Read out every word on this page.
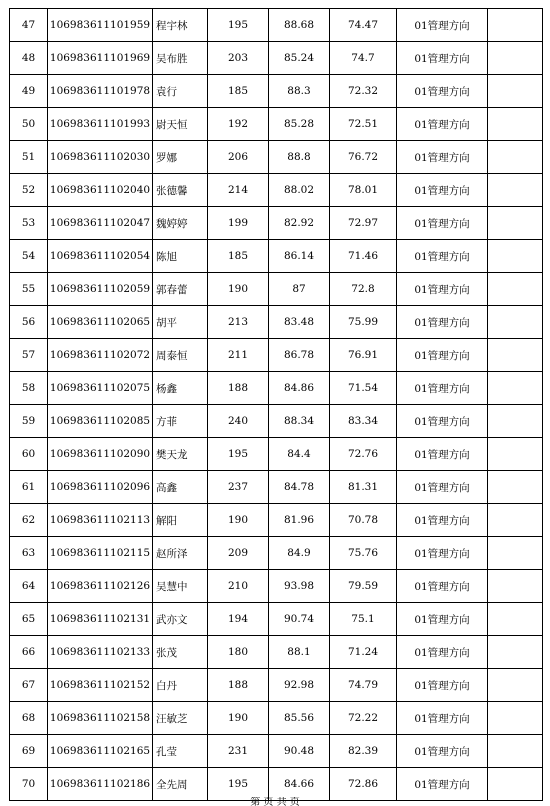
47	106983611101959	程宇林	195	88.68	74.47	01管理方向	
48	106983611101969	吴布胜	203	85.24	74.7	01管理方向	
49	106983611101978	袁行	185	88.3	72.32	01管理方向	
50	106983611101993	尉天恒	192	85.28	72.51	01管理方向	
51	106983611102030	罗娜	206	88.8	76.72	01管理方向	
52	106983611102040	张德馨	214	88.02	78.01	01管理方向	
53	106983611102047	魏婷婷	199	82.92	72.97	01管理方向	
54	106983611102054	陈旭	185	86.14	71.46	01管理方向	
55	106983611102059	郭春蕾	190	87	72.8	01管理方向	
56	106983611102065	胡平	213	83.48	75.99	01管理方向	
57	106983611102072	周泰恒	211	86.78	76.91	01管理方向	
58	106983611102075	杨鑫	188	84.86	71.54	01管理方向	
59	106983611102085	方菲	240	88.34	83.34	01管理方向	
60	106983611102090	樊天龙	195	84.4	72.76	01管理方向	
61	106983611102096	高鑫	237	84.78	81.31	01管理方向	
62	106983611102113	解阳	190	81.96	70.78	01管理方向	
63	106983611102115	赵所泽	209	84.9	75.76	01管理方向	
64	106983611102126	吴慧中	210	93.98	79.59	01管理方向	
65	106983611102131	武亦文	194	90.74	75.1	01管理方向	
66	106983611102133	张茂	180	88.1	71.24	01管理方向	
67	106983611102152	白丹	188	92.98	74.79	01管理方向	
68	106983611102158	汪敏芝	190	85.56	72.22	01管理方向	
69	106983611102165	孔莹	231	90.48	82.39	01管理方向	
70	106983611102186	全先周	195	84.66	72.86	01管理方向	
第 页 共 页
